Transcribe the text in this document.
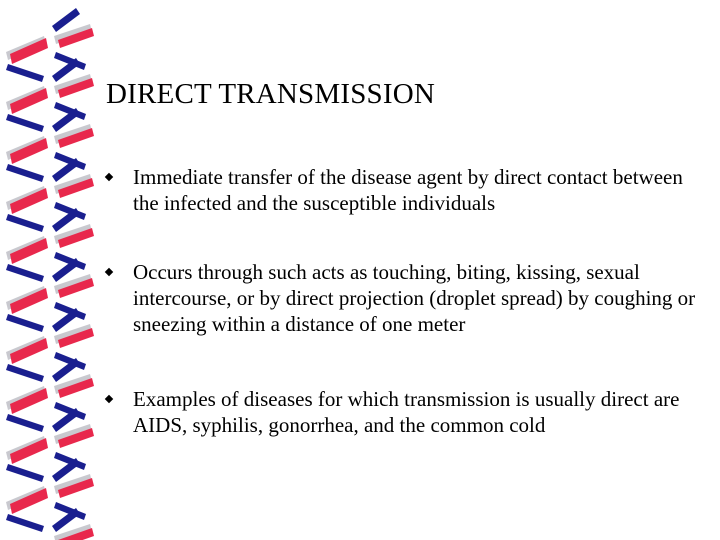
DIRECT TRANSMISSION
Immediate transfer of the disease agent by direct contact between the infected and the susceptible individuals
Occurs through such acts as touching, biting, kissing, sexual intercourse, or by direct projection (droplet spread) by coughing or sneezing within a distance of one meter
Examples of diseases for which transmission is usually direct are AIDS, syphilis, gonorrhea, and the common cold
